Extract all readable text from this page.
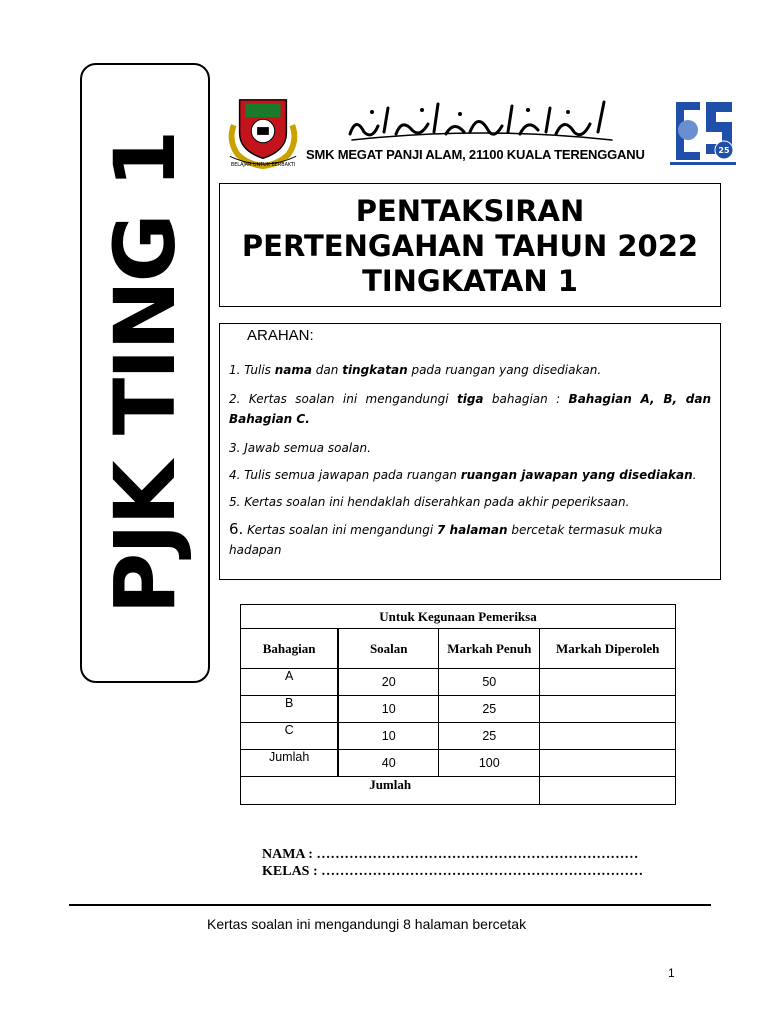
PJK TING 1	BELAJAR UNTUK BERBAKTI
25
SMK MEGAT PANJI ALAM, 21100 KUALA TERENGGANU
PENTAKSIRAN
PERTENGAHAN TAHUN 2022
TINGKATAN 1
ARAHAN:
1. Tulis nama dan tingkatan pada ruangan yang disediakan.
2. Kertas soalan ini mengandungi tiga bahagian : Bahagian A, B, dan Bahagian C.
3. Jawab semua soalan.
4. Tulis semua jawapan pada ruangan ruangan jawapan yang disediakan.
5. Kertas soalan ini hendaklah diserahkan pada akhir peperiksaan.
6. Kertas soalan ini mengandungi 7 halaman bercetak termasuk muka hadapan
Untuk Kegunaan Pemeriksa			
Bahagian	Soalan	Markah Penuh	Markah Diperoleh
A	20	50	
B	10	25	
C	10	25	
Jumlah	40	100	
Jumlah			
NAMA : ……………………………………………………………
KELAS : ……………………………………………………………
Kertas soalan ini mengandungi 8 halaman bercetak
1
